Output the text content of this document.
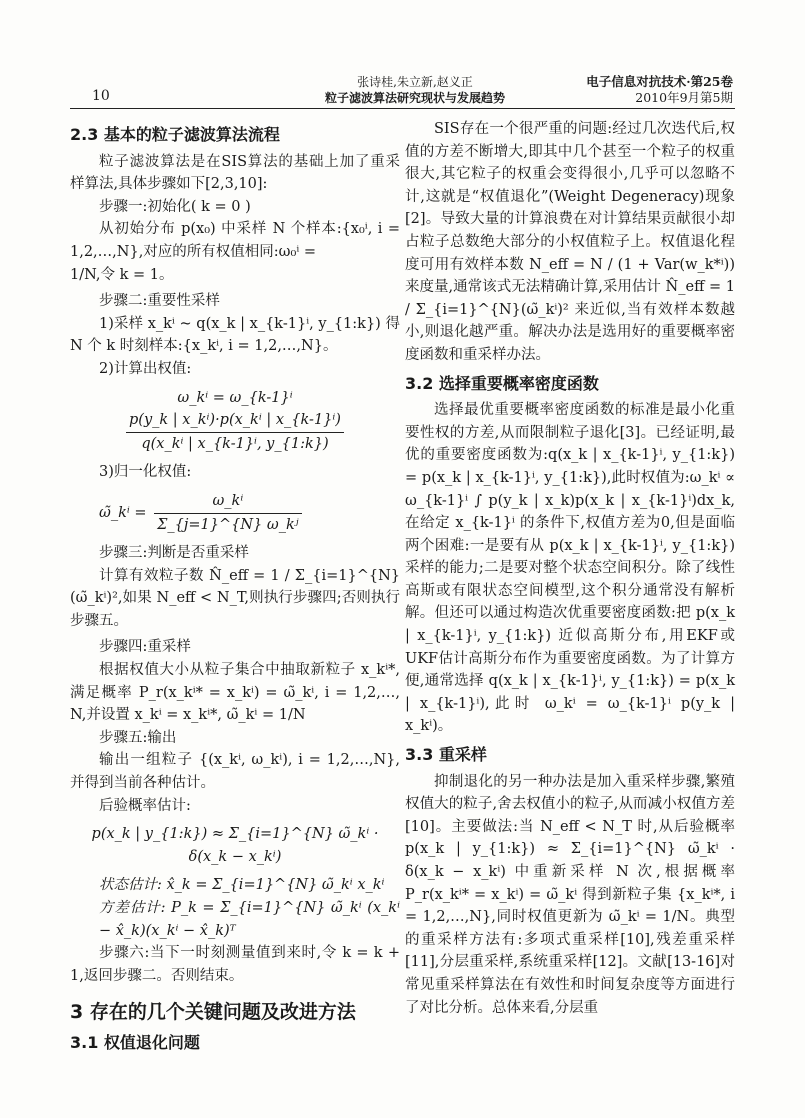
10
张诗桂,朱立新,赵义正
粒子滤波算法研究现状与发展趋势
电子信息对抗技术·第25卷
2010年9月第5期
2.3 基本的粒子滤波算法流程

粒子滤波算法是在SIS算法的基础上加了重采样算法,具体步骤如下[2,3,10]:

步骤一:初始化( k = 0 )

从初始分布 p(x₀) 中采样 N 个样本:{x₀ⁱ, i = 1,2,…,N},对应的所有权值相同:ω₀ⁱ =

1/N,令 k = 1。

步骤二:重要性采样

1)采样 x_kⁱ ~ q(x_k | x_{k-1}ⁱ, y_{1:k}) 得 N 个 k 时刻样本:{x_kⁱ, i = 1,2,…,N}。

2)计算出权值:

ω_kⁱ = ω_{k-1}ⁱ
$\frac{\text{p(y\_k | x\_kⁱ)·p(x\_kⁱ | x\_\{k-1\}ⁱ)}}{\text{q(x\_kⁱ | x\_\{k-1\}ⁱ, y\_\{1:k\})}}$

3)归一化权值:

ω̃_kⁱ = $\frac{\text{ω\_kⁱ}}{\text{Σ\_\{j=1\}\textasciicircum{}\{N\} ω\_kʲ}}$

步骤三:判断是否重采样

计算有效粒子数 N̂_eff = 1 / Σ_{i=1}^{N}(ω̃_kⁱ)²,如果 N_eff < N_T,则执行步骤四;否则执行步骤五。

步骤四:重采样

根据权值大小从粒子集合中抽取新粒子 x_kⁱ*,满足概率 P_r(x_kⁱ* = x_kⁱ) = ω̃_kⁱ, i = 1,2,…, N,并设置 x_kⁱ = x_kⁱ*, ω̃_kⁱ = 1/N

步骤五:输出

输出一组粒子 {(x_kⁱ, ω_kⁱ), i = 1,2,…,N},并得到当前各种估计。

后验概率估计:

p(x_k | y_{1:k}) ≈ Σ_{i=1}^{N} ω̃_kⁱ · δ(x_k − x_kⁱ)

状态估计: x̂_k = Σ_{i=1}^{N} ω̃_kⁱ x_kⁱ

方差估计: P_k = Σ_{i=1}^{N} ω̃_kⁱ (x_kⁱ − x̂_k)(x_kⁱ − x̂_k)ᵀ

步骤六:当下一时刻测量值到来时,令 k = k + 1,返回步骤二。否则结束。

3 存在的几个关键问题及改进方法
3.1 权值退化问题

SIS存在一个很严重的问题:经过几次迭代后,权值的方差不断增大,即其中几个甚至一个粒子的权重很大,其它粒子的权重会变得很小,几乎可以忽略不计,这就是“权值退化”(Weight Degeneracy)现象[2]。导致大量的计算浪费在对计算结果贡献很小却占粒子总数绝大部分的小权值粒子上。权值退化程度可用有效样本数 N_eff = N / (1 + Var(w_k*ⁱ)) 来度量,通常该式无法精确计算,采用估计 N̂_eff = 1 / Σ_{i=1}^{N}(ω̃_kⁱ)² 来近似,当有效样本数越小,则退化越严重。解决办法是选用好的重要概率密度函数和重采样办法。

3.2 选择重要概率密度函数

选择最优重要概率密度函数的标准是最小化重要性权的方差,从而限制粒子退化[3]。已经证明,最优的重要密度函数为:q(x_k | x_{k-1}ⁱ, y_{1:k}) = p(x_k | x_{k-1}ⁱ, y_{1:k}),此时权值为:ω_kⁱ ∝ ω_{k-1}ⁱ ∫ p(y_k | x_k)p(x_k | x_{k-1}ⁱ)dx_k,在给定 x_{k-1}ⁱ 的条件下,权值方差为0,但是面临两个困难:一是要有从 p(x_k | x_{k-1}ⁱ, y_{1:k}) 采样的能力;二是要对整个状态空间积分。除了线性高斯或有限状态空间模型,这个积分通常没有解析解。但还可以通过构造次优重要密度函数:把 p(x_k | x_{k-1}ⁱ, y_{1:k}) 近似高斯分布,用EKF或UKF估计高斯分布作为重要密度函数。为了计算方便,通常选择 q(x_k | x_{k-1}ⁱ, y_{1:k}) = p(x_k | x_{k-1}ⁱ),此时 ω_kⁱ = ω_{k-1}ⁱ p(y_k | x_kⁱ)。

3.3 重采样

抑制退化的另一种办法是加入重采样步骤,繁殖权值大的粒子,舍去权值小的粒子,从而减小权值方差[10]。主要做法:当 N_eff < N_T 时,从后验概率 p(x_k | y_{1:k}) ≈ Σ_{i=1}^{N} ω̃_kⁱ · δ(x_k − x_kⁱ) 中重新采样 N 次,根据概率 P_r(x_kⁱ* = x_kⁱ) = ω̃_kⁱ 得到新粒子集 {x_kⁱ*, i = 1,2,…,N},同时权值更新为 ω̃_kⁱ = 1/N。典型的重采样方法有:多项式重采样[10],残差重采样[11],分层重采样,系统重采样[12]。文献[13-16]对常见重采样算法在有效性和时间复杂度等方面进行了对比分析。总体来看,分层重
